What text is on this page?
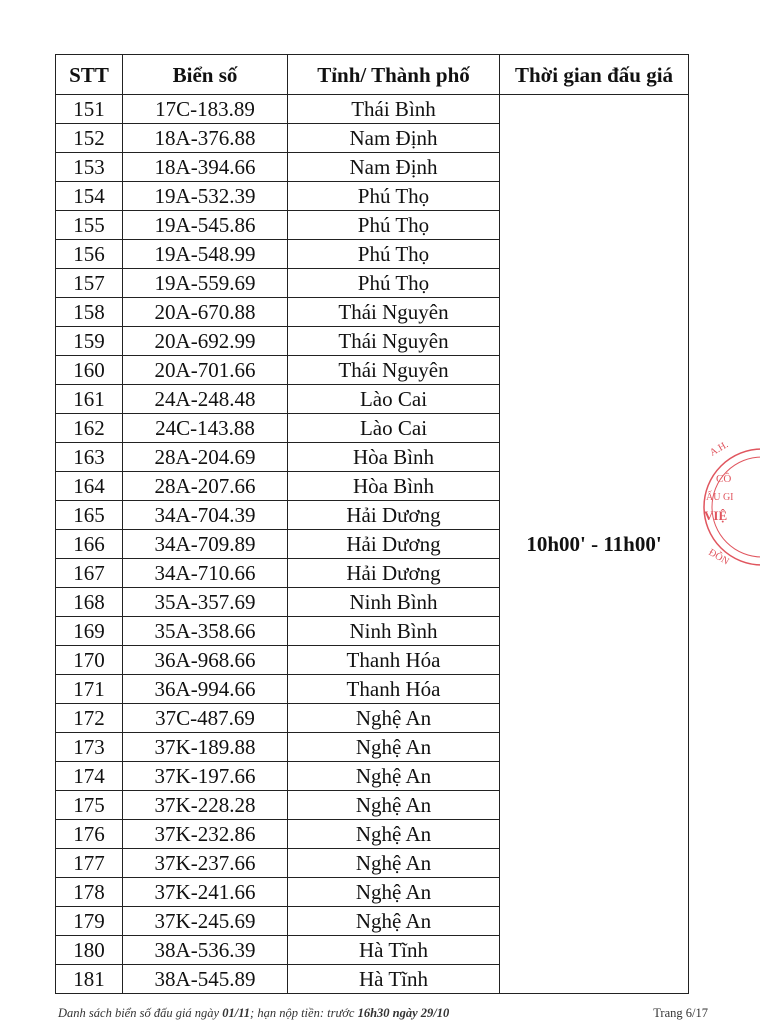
STT	Biển số	Tỉnh/ Thành phố	Thời gian đấu giá
151	17C-183.89	Thái Bình	10h00' - 11h00'
152	18A-376.88	Nam Định	
153	18A-394.66	Nam Định	
154	19A-532.39	Phú Thọ	
155	19A-545.86	Phú Thọ	
156	19A-548.99	Phú Thọ	
157	19A-559.69	Phú Thọ	
158	20A-670.88	Thái Nguyên	
159	20A-692.99	Thái Nguyên	
160	20A-701.66	Thái Nguyên	
161	24A-248.48	Lào Cai	
162	24C-143.88	Lào Cai	
163	28A-204.69	Hòa Bình	
164	28A-207.66	Hòa Bình	
165	34A-704.39	Hải Dương	
166	34A-709.89	Hải Dương	
167	34A-710.66	Hải Dương	
168	35A-357.69	Ninh Bình	
169	35A-358.66	Ninh Bình	
170	36A-968.66	Thanh Hóa	
171	36A-994.66	Thanh Hóa	
172	37C-487.69	Nghệ An	
173	37K-189.88	Nghệ An	
174	37K-197.66	Nghệ An	
175	37K-228.28	Nghệ An	
176	37K-232.86	Nghệ An	
177	37K-237.66	Nghệ An	
178	37K-241.66	Nghệ An	
179	37K-245.69	Nghệ An	
180	38A-536.39	Hà Tĩnh	
181	38A-545.89	Hà Tĩnh	
Danh sách biển số đấu giá ngày 01/11; hạn nộp tiền: trước 16h30 ngày 29/10	Trang 6/17
A.H.
CÔ
ẤU GI
VIỆ
ĐỒN
